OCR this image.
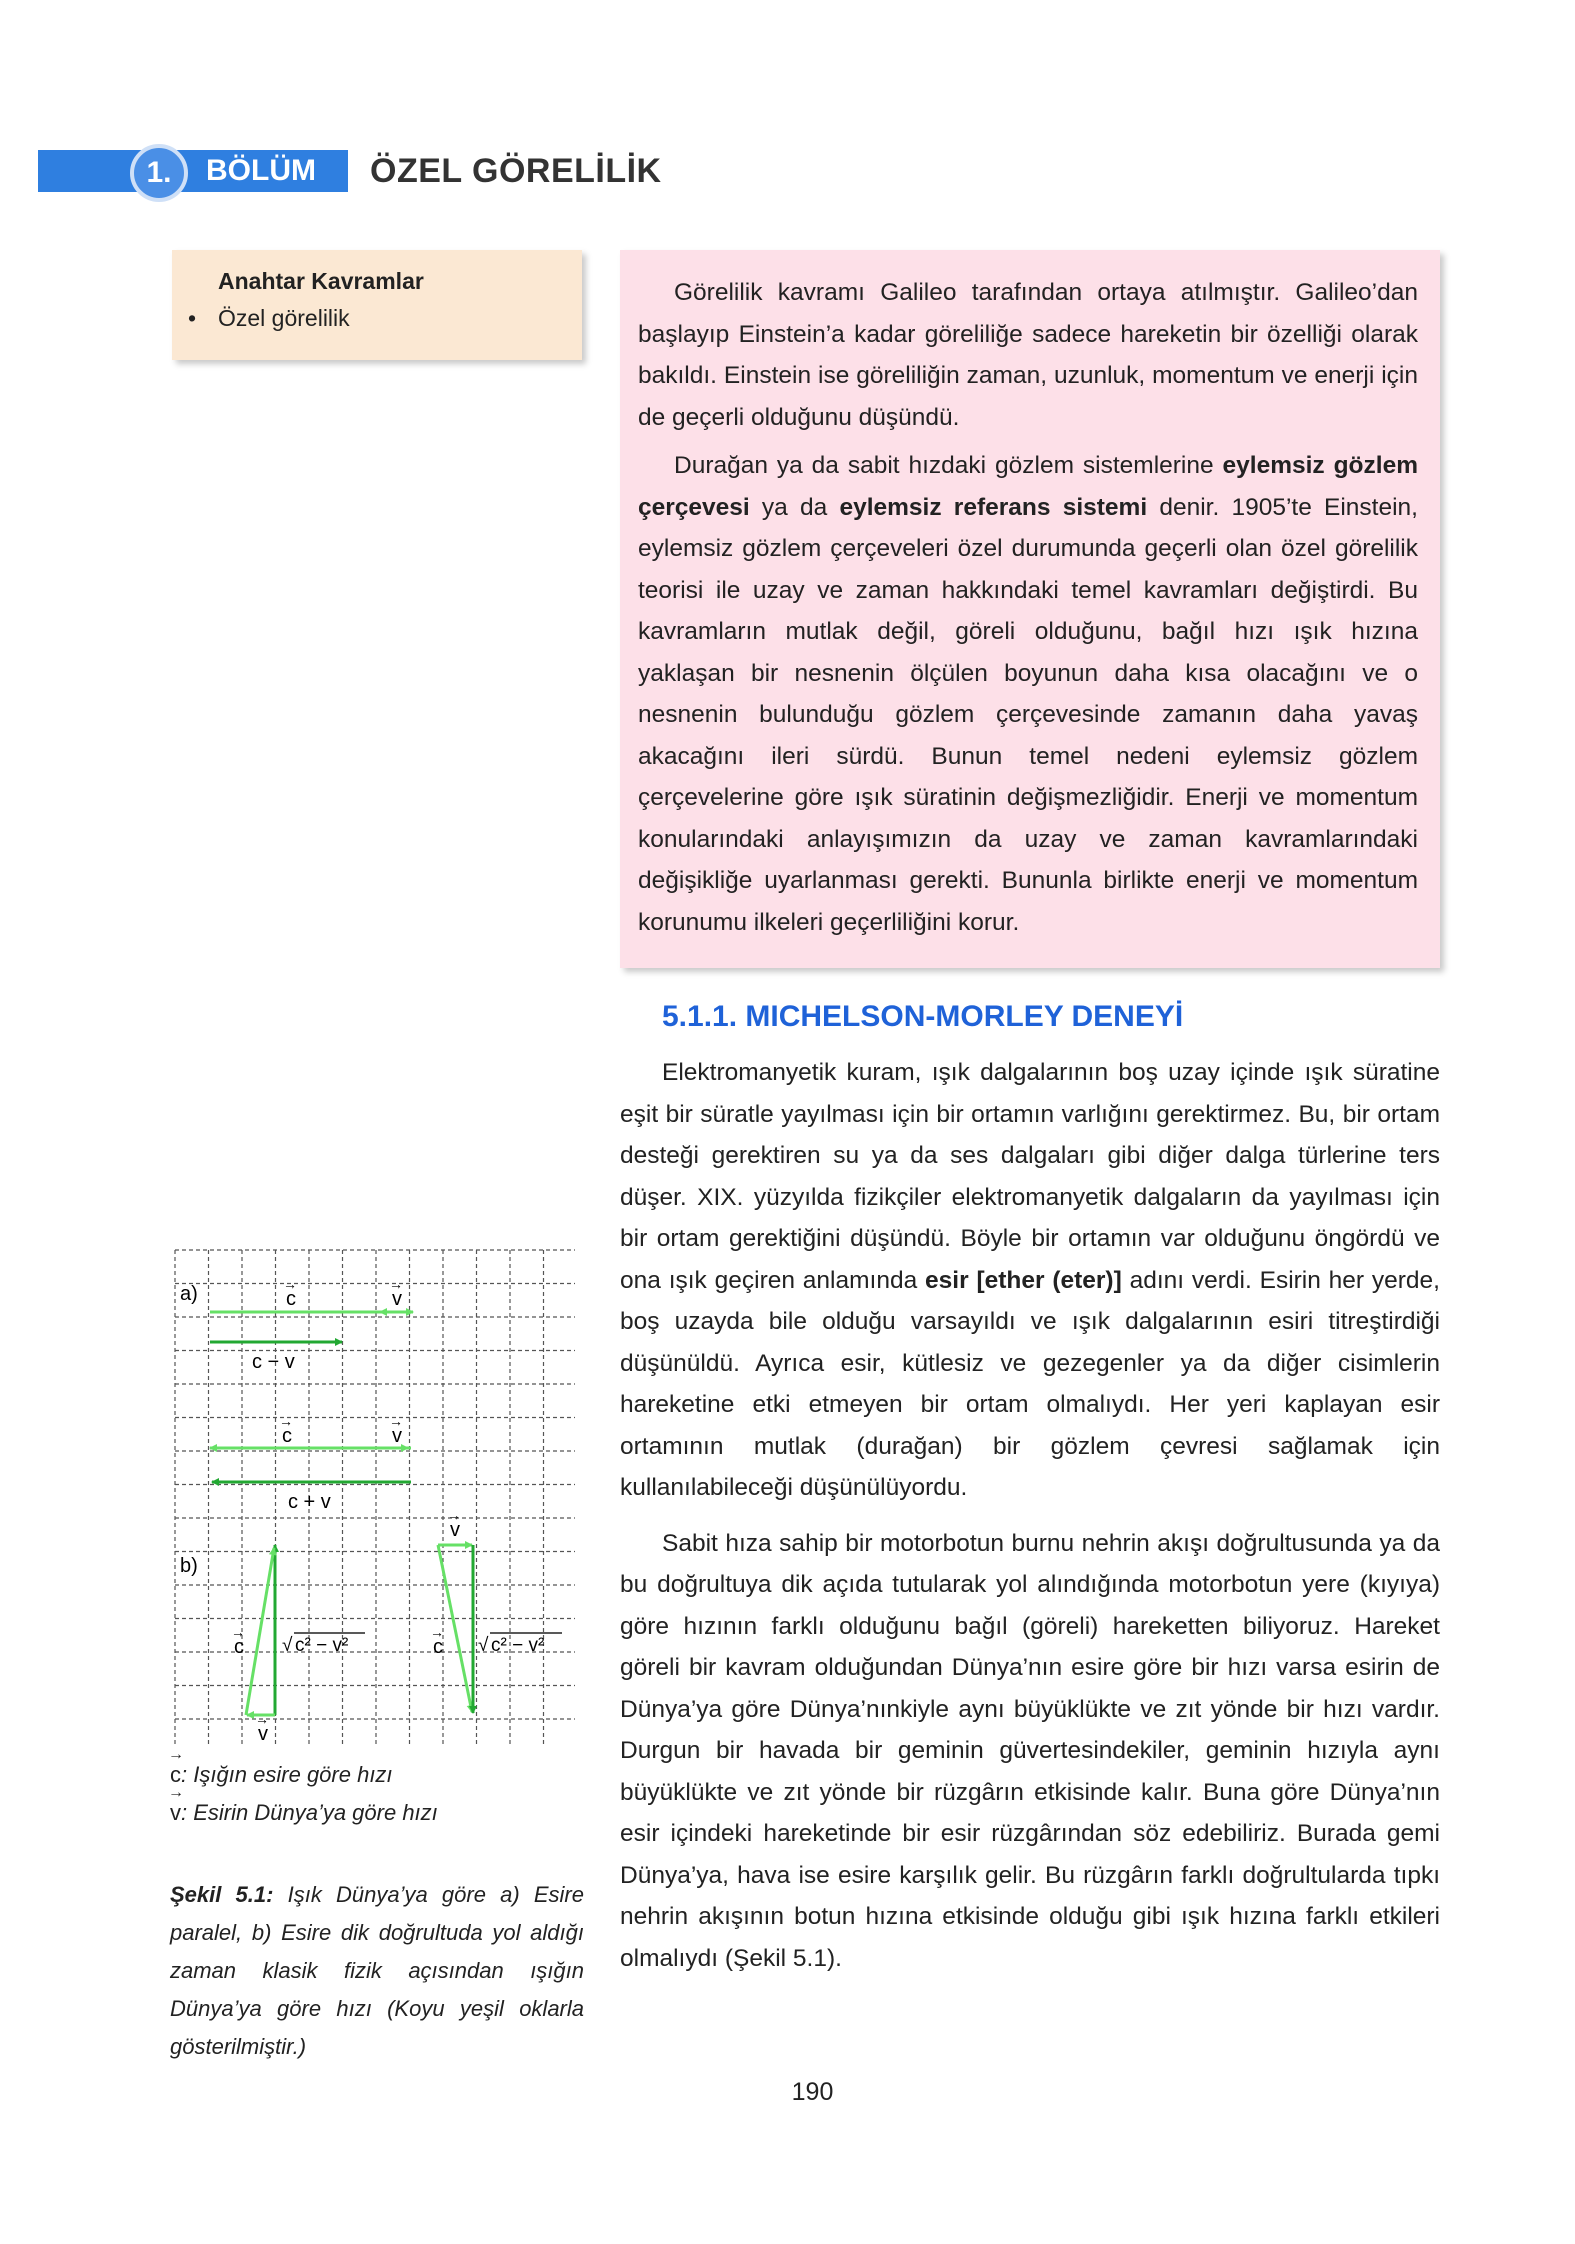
1. BÖLÜM ÖZEL GÖRELİLİK
Anahtar Kavramlar
• Özel görelilik

Görelilik kavramı Galileo tarafından ortaya atılmıştır. Galileo’dan başlayıp Einstein’a kadar göreliliğe sadece hareketin bir özelliği olarak bakıldı. Einstein ise göreliliğin zaman, uzunluk, momentum ve enerji için de geçerli olduğunu düşündü.

Durağan ya da sabit hızdaki gözlem sistemlerine eylemsiz gözlem çerçevesi ya da eylemsiz referans sistemi denir. 1905’te Einstein, eylemsiz gözlem çerçeveleri özel durumunda geçerli olan özel görelilik teorisi ile uzay ve zaman hakkındaki temel kavramları değiştirdi. Bu kavramların mutlak değil, göreli olduğunu, bağıl hızı ışık hızına yaklaşan bir nesnenin ölçülen boyunun daha kısa olacağını ve o nesnenin bulunduğu gözlem çerçevesinde zamanın daha yavaş akacağını ileri sürdü. Bunun temel nedeni eylemsiz gözlem çerçevelerine göre ışık süratinin değişmezliğidir. Enerji ve momentum konularındaki anlayışımızın da uzay ve zaman kavramlarındaki değişikliğe uyarlanması gerekti. Bununla birlikte enerji ve momentum korunumu ilkeleri geçerliliğini korur.

5.1.1. MICHELSON-MORLEY DENEYİ

Elektromanyetik kuram, ışık dalgalarının boş uzay içinde ışık süratine eşit bir süratle yayılması için bir ortamın varlığını gerektirmez. Bu, bir ortam desteği gerektiren su ya da ses dalgaları gibi diğer dalga türlerine ters düşer. XIX. yüzyılda fizikçiler elektromanyetik dalgaların da yayılması için bir ortam gerektiğini düşündü. Böyle bir ortamın var olduğunu öngördü ve ona ışık geçiren anlamında esir [ether (eter)] adını verdi. Esirin her yerde, boş uzayda bile olduğu varsayıldı ve ışık dalgalarının esiri titreştirdiği düşünüldü. Ayrıca esir, kütlesiz ve gezegenler ya da diğer cisimlerin hareketine etki etmeyen bir ortam olmalıydı. Her yeri kaplayan esir ortamının mutlak (durağan) bir gözlem çevresi sağlamak için kullanılabileceği düşünülüyordu.

Sabit hıza sahip bir motorbotun burnu nehrin akışı doğrultusunda ya da bu doğrultuya dik açıda tutularak yol alındığında motorbotun yere (kıyıya) göre hızının farklı olduğunu bağıl (göreli) hareketten biliyoruz. Hareket göreli bir kavram olduğundan Dünya’nın esire göre bir hızı varsa esirin de Dünya’ya göre Dünya’nınkiyle aynı büyüklükte ve zıt yönde bir hızı vardır. Durgun bir havada bir geminin güvertesindekiler, geminin hızıyla aynı büyüklükte ve zıt yönde bir rüzgârın etkisinde kalır. Buna göre Dünya’nın esir içindeki hareketinde bir esir rüzgârından söz edebiliriz. Burada gemi Dünya’ya, hava ise esire karşılık gelir. Bu rüzgârın farklı doğrultularda tıpkı nehrin akışının botun hızına etkisinde olduğu gibi ışık hızına farklı etkileri olmalıydı (Şekil 5.1).

a)	c
→
v
→
c − v
c
→
v
→
c + v
b)
c
→
v
→
√ c² − v²
v
→
c
→
√ c² − v²
→ c: Işığın esire göre hızı
→ v: Esirin Dünya’ya göre hızı
Şekil 5.1: Işık Dünya’ya göre a) Esire paralel, b) Esire dik doğrultuda yol aldığı zaman klasik fizik açısından ışığın Dünya’ya göre hızı (Koyu yeşil oklarla gösterilmiştir.)
190
